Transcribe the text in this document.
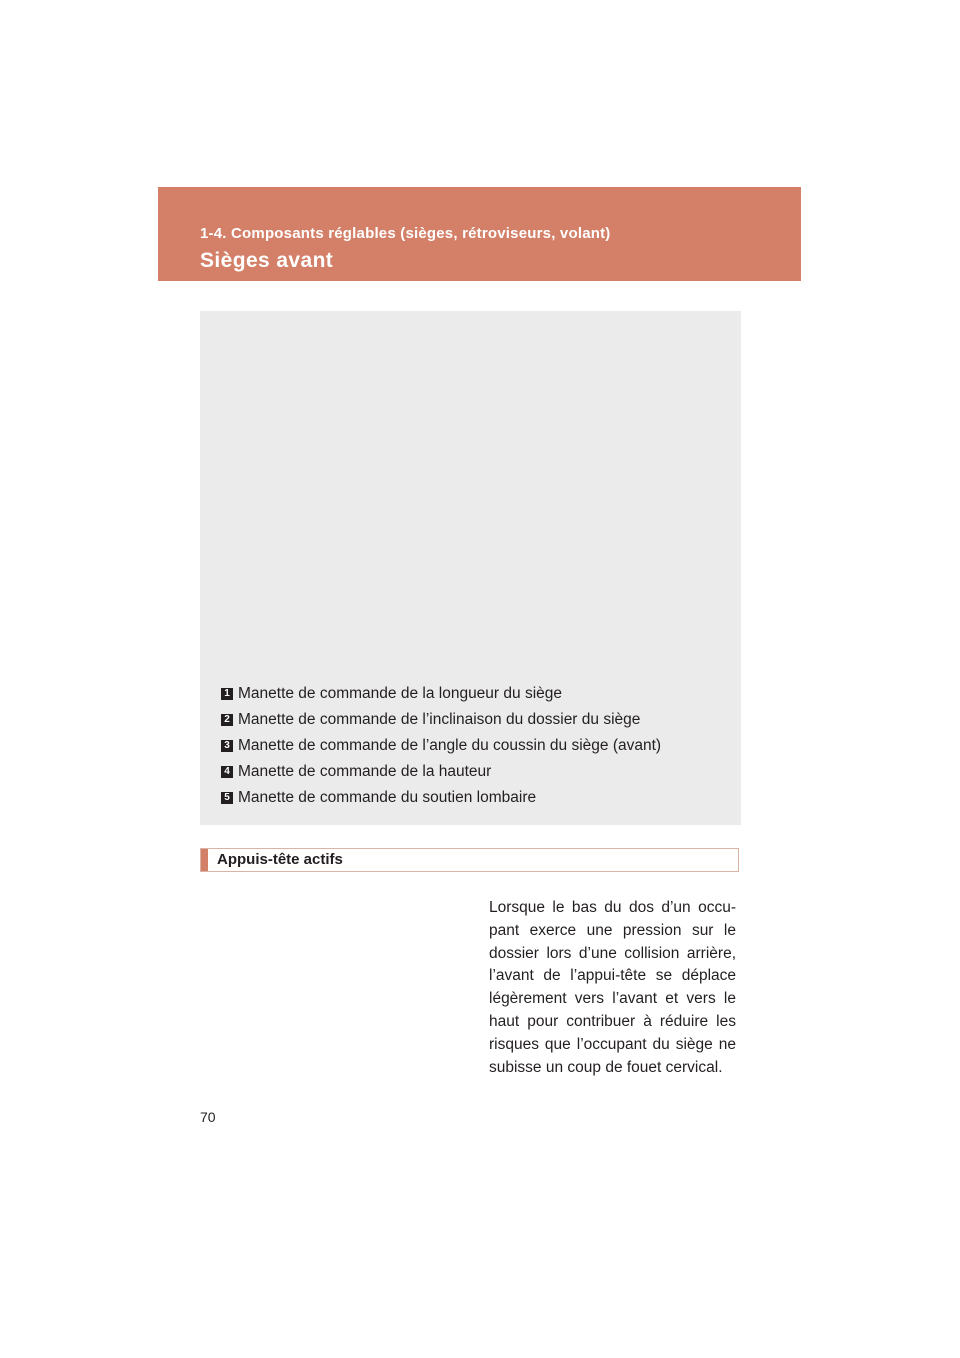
1-4. Composants réglables (sièges, rétroviseurs, volant)
Sièges avant
1 Manette de commande de la longueur du siège
2 Manette de commande de l’inclinaison du dossier du siège
3 Manette de commande de l’angle du coussin du siège (avant)
4 Manette de commande de la hauteur
5 Manette de commande du soutien lombaire
Appuis-tête actifs
Lorsque le bas du dos d’un occu-pant exerce une pression sur le dossier lors d’une collision arrière, l’avant de l’appui-tête se déplace légèrement vers l’avant et vers le haut pour contribuer à réduire les risques que l’occupant du siège ne subisse un coup de fouet cervical.
70
